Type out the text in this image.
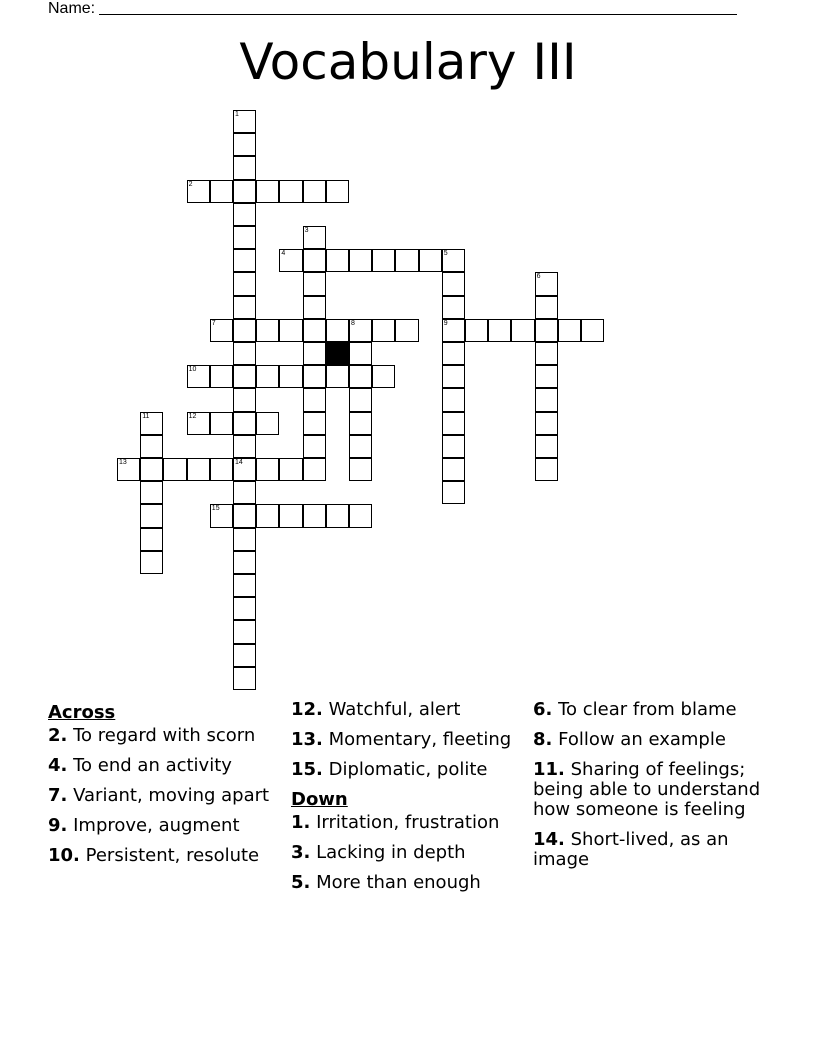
Name:
Vocabulary III
1
14
2
3
4	5
9
6
7	8
10
11	12
13
15
Across
2. To regard with scorn
4. To end an activity
7. Variant, moving apart
9. Improve, augment
10. Persistent, resolute
12. Watchful, alert
13. Momentary, fleeting
15. Diplomatic, polite
Down
1. Irritation, frustration
3. Lacking in depth
5. More than enough
6. To clear from blame
8. Follow an example
11. Sharing of feelings; being able to understand how someone is feeling
14. Short-lived, as an image
